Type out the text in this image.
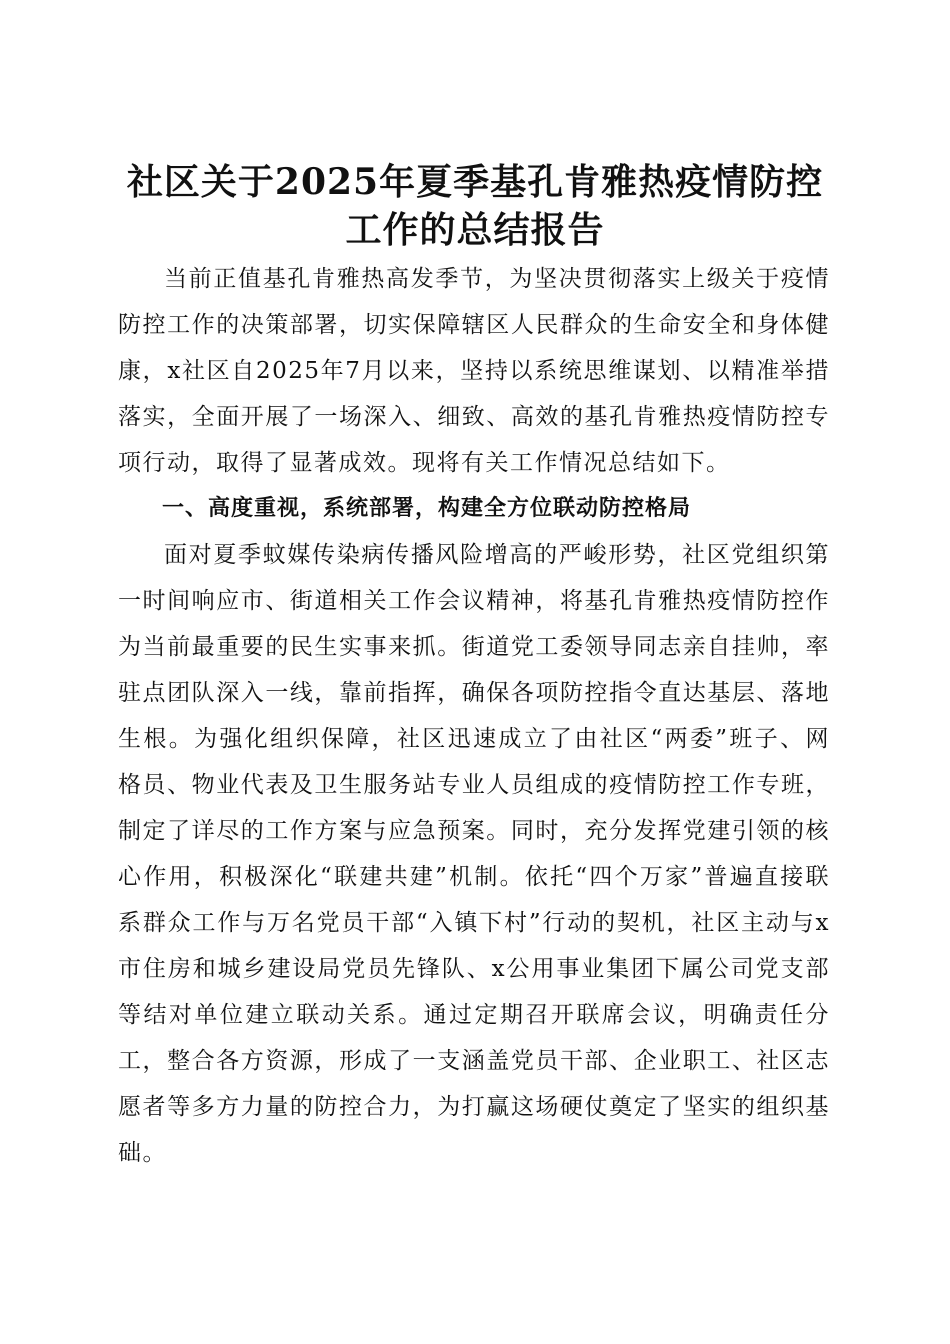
社区关于2025年夏季基孔肯雅热疫情防控工作的总结报告

当前正值基孔肯雅热高发季节，为坚决贯彻落实上级关于疫情防控工作的决策部署，切实保障辖区人民群众的生命安全和身体健康，x社区自2025年7月以来，坚持以系统思维谋划、以精准举措落实，全面开展了一场深入、细致、高效的基孔肯雅热疫情防控专项行动，取得了显著成效。现将有关工作情况总结如下。

一、高度重视，系统部署，构建全方位联动防控格局

面对夏季蚊媒传染病传播风险增高的严峻形势，社区党组织第一时间响应市、街道相关工作会议精神，将基孔肯雅热疫情防控作为当前最重要的民生实事来抓。街道党工委领导同志亲自挂帅，率驻点团队深入一线，靠前指挥，确保各项防控指令直达基层、落地生根。为强化组织保障，社区迅速成立了由社区“两委”班子、网格员、物业代表及卫生服务站专业人员组成的疫情防控工作专班，制定了详尽的工作方案与应急预案。同时，充分发挥党建引领的核心作用，积极深化“联建共建”机制。依托“四个万家”普遍直接联系群众工作与万名党员干部“入镇下村”行动的契机，社区主动与x市住房和城乡建设局党员先锋队、x公用事业集团下属公司党支部等结对单位建立联动关系。通过定期召开联席会议，明确责任分工，整合各方资源，形成了一支涵盖党员干部、企业职工、社区志愿者等多方力量的防控合力，为打赢这场硬仗奠定了坚实的组织基础。
